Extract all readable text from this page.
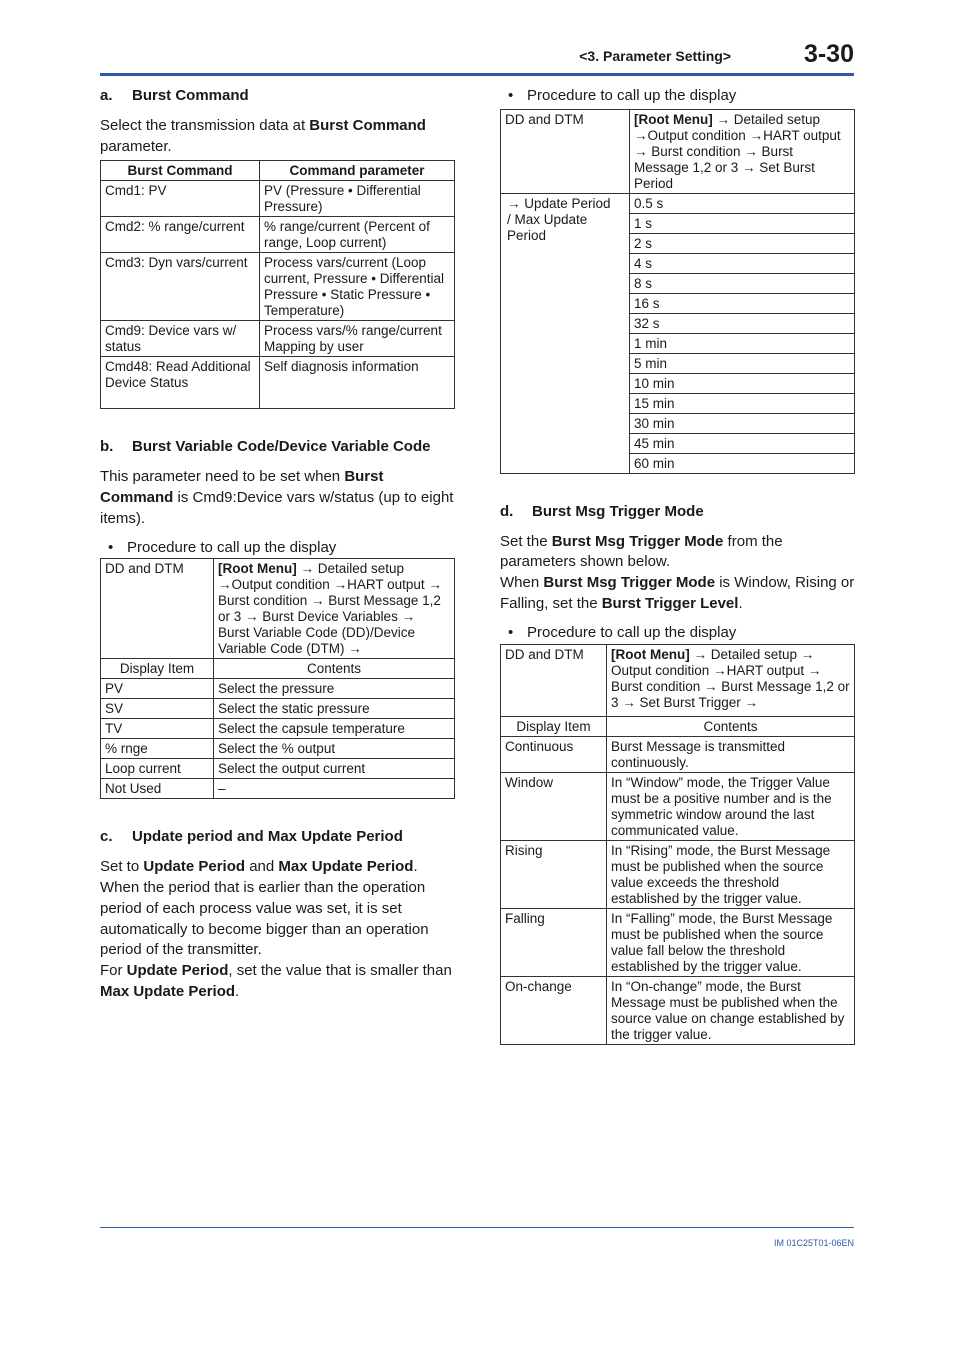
<3. Parameter Setting>	3-30
IM 01C25T01-06EN
a.	Burst Command

Select the transmission data at Burst Command parameter.

Burst Command	Command parameter
Cmd1: PV	PV (Pressure • Differential Pressure)
Cmd2: % range/current	% range/current (Percent of range, Loop current)
Cmd3: Dyn vars/current	Process vars/current (Loop current, Pressure • Differential Pressure • Static Pressure • Temperature)
Cmd9: Device vars w/ status	Process vars/% range/current Mapping by user
Cmd48: Read Additional Device Status	Self diagnosis information
b.	Burst Variable Code/Device Variable Code

This parameter need to be set when Burst Command is Cmd9:Device vars w/status (up to eight items).

• Procedure to call up the display
DD and DTM	[Root Menu] → Detailed setup →Output condition →HART output → Burst condition → Burst Message 1,2 or 3 → Burst Device Variables → Burst Variable Code (DD)/Device Variable Code (DTM) →
Display Item	Contents
PV	Select the pressure
SV	Select the static pressure
TV	Select the capsule temperature
% rnge	Select the % output
Loop current	Select the output current
Not Used	–
c.	Update period and Max Update Period

Set to Update Period and Max Update Period.

When the period that is earlier than the operation period of each process value was set, it is set automatically to become bigger than an operation period of the transmitter.

For Update Period, set the value that is smaller than Max Update Period.

• Procedure to call up the display
DD and DTM	[Root Menu] → Detailed setup →Output condition →HART output → Burst condition → Burst Message 1,2 or 3 → Set Burst Period
→ Update Period / Max Update Period	0.5 s
	1 s
	2 s
	4 s
	8 s
	16 s
	32 s
	1 min
	5 min
	10 min
	15 min
	30 min
	45 min
	60 min
d.	Burst Msg Trigger Mode

Set the Burst Msg Trigger Mode from the parameters shown below.

When Burst Msg Trigger Mode is Window, Rising or Falling, set the Burst Trigger Level.

• Procedure to call up the display
DD and DTM	[Root Menu] → Detailed setup → Output condition →HART output → Burst condition → Burst Message 1,2 or 3 → Set Burst Trigger →
Display Item	Contents
Continuous	Burst Message is transmitted continuously.
Window	In “Window” mode, the Trigger Value must be a positive number and is the symmetric window around the last communicated value.
Rising	In “Rising” mode, the Burst Message must be published when the source value exceeds the threshold established by the trigger value.
Falling	In “Falling” mode, the Burst Message must be published when the source value fall below the threshold established by the trigger value.
On-change	In “On-change” mode, the Burst Message must be published when the source value on change established by the trigger value.
